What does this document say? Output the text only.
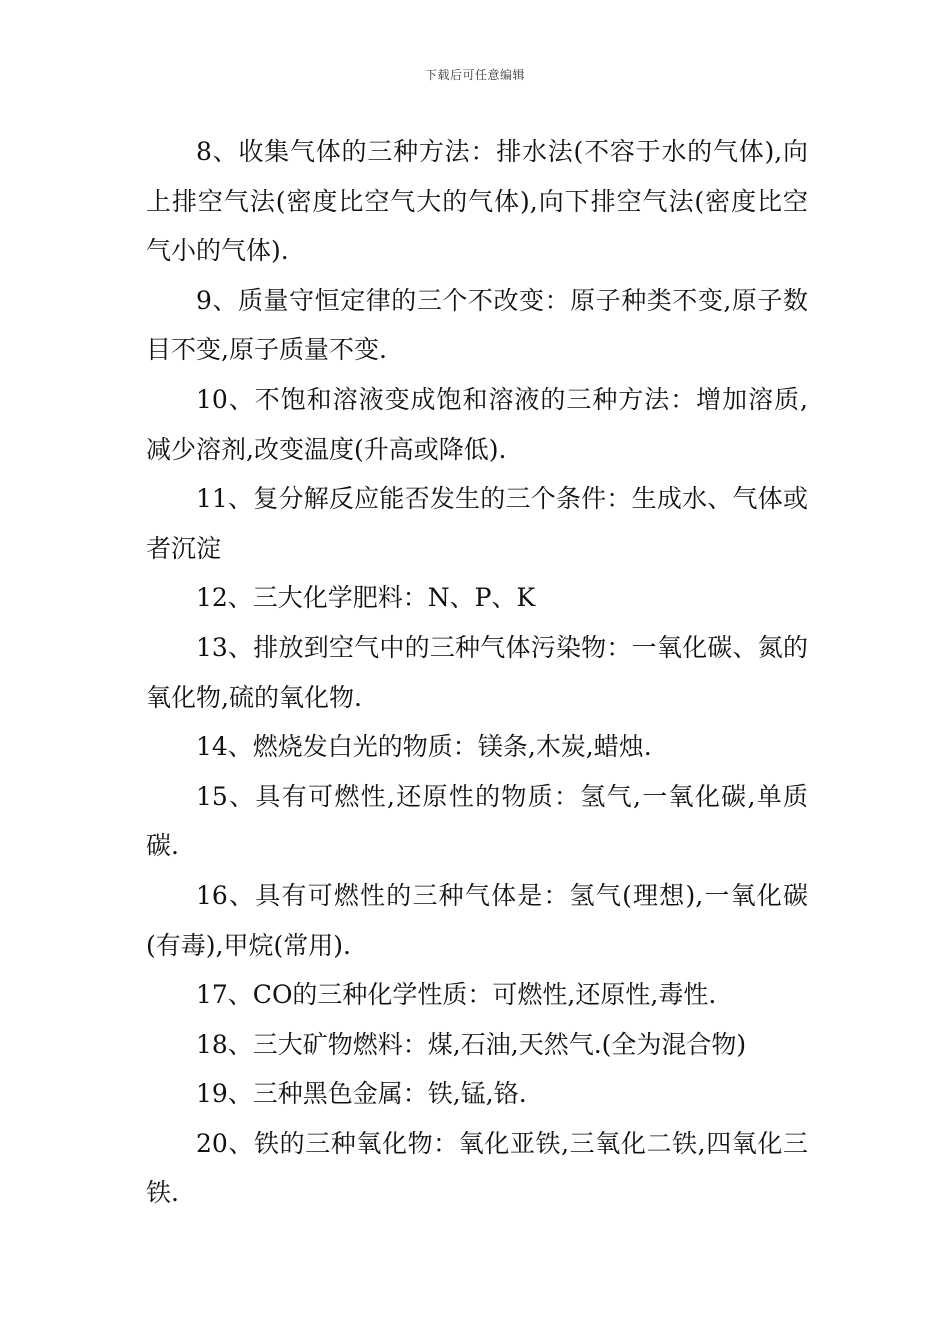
下载后可任意编辑

8、收集气体的三种方法：排水法(不容于水的气体),向上排空气法(密度比空气大的气体),向下排空气法(密度比空气小的气体).

9、质量守恒定律的三个不改变：原子种类不变,原子数目不变,原子质量不变.

10、不饱和溶液变成饱和溶液的三种方法：增加溶质,减少溶剂,改变温度(升高或降低).

11、复分解反应能否发生的三个条件：生成水、气体或者沉淀

12、三大化学肥料：N、P、K

13、排放到空气中的三种气体污染物：一氧化碳、氮的氧化物,硫的氧化物.

14、燃烧发白光的物质：镁条,木炭,蜡烛.

15、具有可燃性,还原性的物质：氢气,一氧化碳,单质碳.

16、具有可燃性的三种气体是：氢气(理想),一氧化碳(有毒),甲烷(常用).

17、CO的三种化学性质：可燃性,还原性,毒性.

18、三大矿物燃料：煤,石油,天然气.(全为混合物)

19、三种黑色金属：铁,锰,铬.

20、铁的三种氧化物：氧化亚铁,三氧化二铁,四氧化三铁.
